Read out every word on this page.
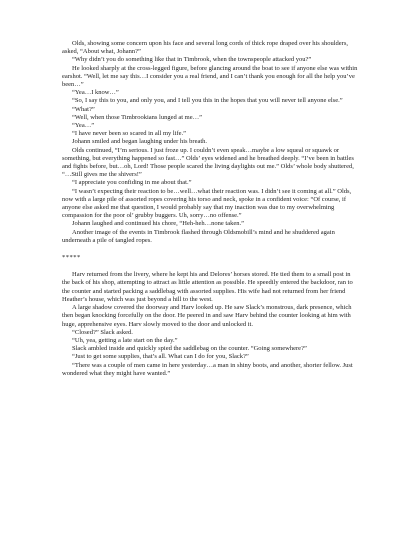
Olds, showing some concern upon his face and several long cords of thick rope draped over his shoulders, asked, “About what, Johann?”

“Why didn’t you do something like that in Timbrook, when the townspeople attacked you?”

He looked sharply at the cross-legged figure, before glancing around the boat to see if anyone else was within earshot. “Well, let me say this…I consider you a real friend, and I can’t thank you enough for all the help you’ve been…”

“Yea…I know…”

“So, I say this to you, and only you, and I tell you this in the hopes that you will never tell anyone else.”

“What?”

“Well, when those Timbrookians lunged at me…”

“Yea…”

“I have never been so scared in all my life.”

Johann smiled and began laughing under his breath.

Olds continued, “I’m serious. I just froze up. I couldn’t even speak…maybe a low squeal or squawk or something, but everything happened so fast…” Olds’ eyes widened and he breathed deeply. “I’ve been in battles and fights before, but…oh, Lord! Those people scared the living daylights out me.” Olds’ whole body shuttered, “…Still gives me the shivers!”

“I appreciate you confiding in me about that.”

“I wasn’t expecting their reaction to be…well…what their reaction was. I didn’t see it coming at all.” Olds, now with a large pile of assorted ropes covering his torso and neck, spoke in a confident voice: “Of course, if anyone else asked me that question, I would probably say that my inaction was due to my overwhelming compassion for the poor ol’ grubby buggers. Uh, sorry…no offense.”

Johann laughed and continued his chore, “Heh-heh…none taken.”

Another image of the events in Timbrook flashed through Oldsmobill’s mind and he shuddered again underneath a pile of tangled ropes.

*****

Harv returned from the livery, where he kept his and Delores’ horses stored. He tied them to a small post in the back of his shop, attempting to attract as little attention as possible. He speedily entered the backdoor, ran to the counter and started packing a saddlebag with assorted supplies. His wife had not returned from her friend Heather’s house, which was just beyond a hill to the west.

A large shadow covered the doorway and Harv looked up. He saw Slack’s monstrous, dark presence, which then began knocking forcefully on the door. He peered in and saw Harv behind the counter looking at him with huge, apprehensive eyes. Harv slowly moved to the door and unlocked it.

“Closed?” Slack asked.

“Uh, yea, getting a late start on the day.”

Slack ambled inside and quickly spied the saddlebag on the counter. “Going somewhere?”

“Just to get some supplies, that’s all. What can I do for you, Slack?”

“There was a couple of men came in here yesterday…a man in shiny boots, and another, shorter fellow. Just wondered what they might have wanted.”
